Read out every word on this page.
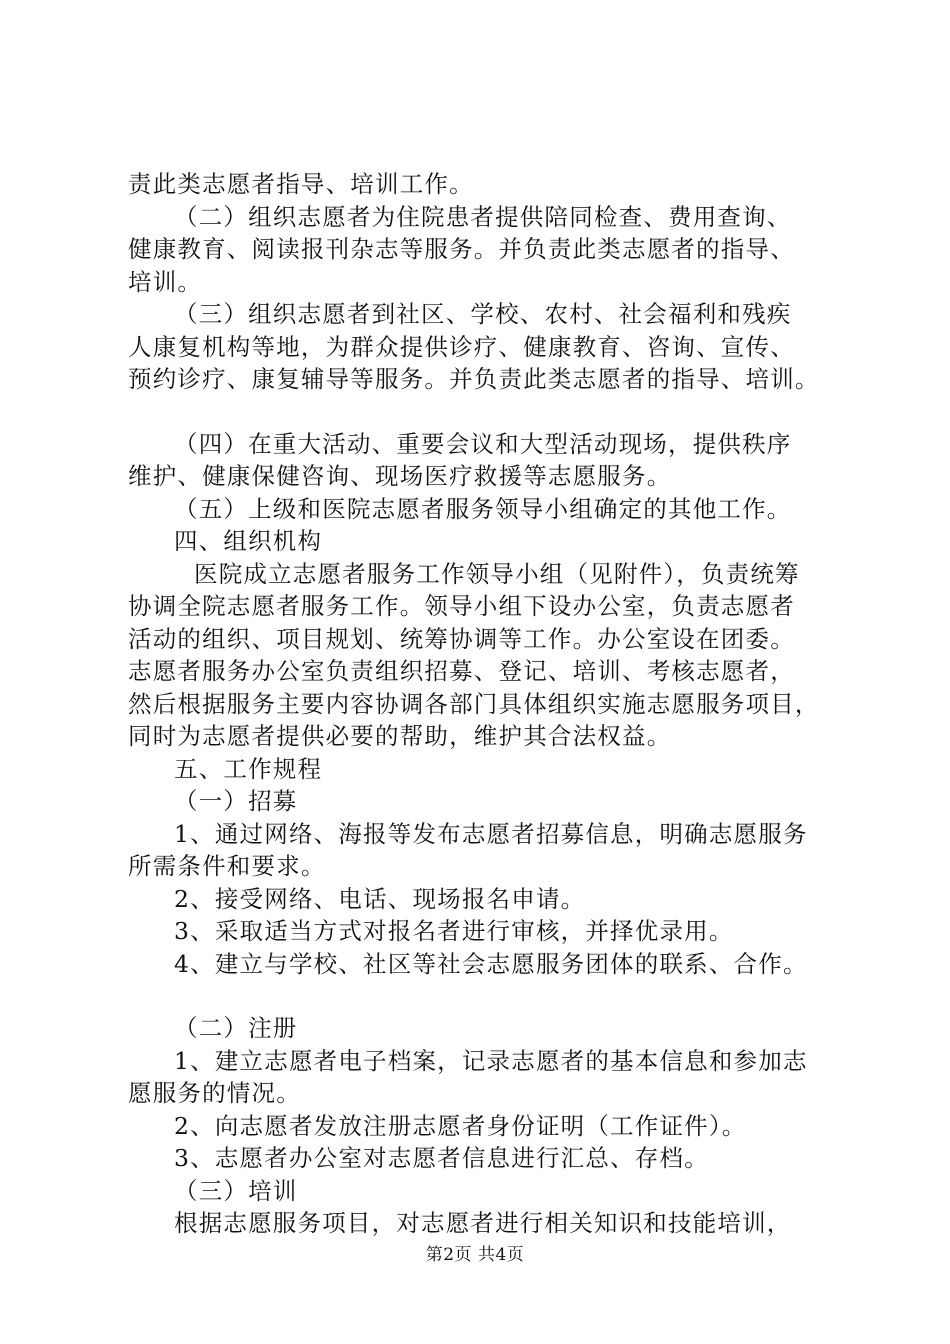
责此类志愿者指导、培训工作。
（二）组织志愿者为住院患者提供陪同检查、费用查询、
健康教育、阅读报刊杂志等服务。并负责此类志愿者的指导、
培训。
（三）组织志愿者到社区、学校、农村、社会福利和残疾
人康复机构等地，为群众提供诊疗、健康教育、咨询、宣传、
预约诊疗、康复辅导等服务。并负责此类志愿者的指导、培训。
（四）在重大活动、重要会议和大型活动现场，提供秩序
维护、健康保健咨询、现场医疗救援等志愿服务。
（五）上级和医院志愿者服务领导小组确定的其他工作。
四、组织机构
医院成立志愿者服务工作领导小组（见附件），负责统筹
协调全院志愿者服务工作。领导小组下设办公室，负责志愿者
活动的组织、项目规划、统筹协调等工作。办公室设在团委。
志愿者服务办公室负责组织招募、登记、培训、考核志愿者，
然后根据服务主要内容协调各部门具体组织实施志愿服务项目，
同时为志愿者提供必要的帮助，维护其合法权益。
五、工作规程
（一）招募
1、通过网络、海报等发布志愿者招募信息，明确志愿服务
所需条件和要求。
2、接受网络、电话、现场报名申请。
3、采取适当方式对报名者进行审核，并择优录用。
4、建立与学校、社区等社会志愿服务团体的联系、合作。
（二）注册
1、建立志愿者电子档案，记录志愿者的基本信息和参加志
愿服务的情况。
2、向志愿者发放注册志愿者身份证明（工作证件）。
3、志愿者办公室对志愿者信息进行汇总、存档。
（三）培训
根据志愿服务项目，对志愿者进行相关知识和技能培训，
第2页 共4页
